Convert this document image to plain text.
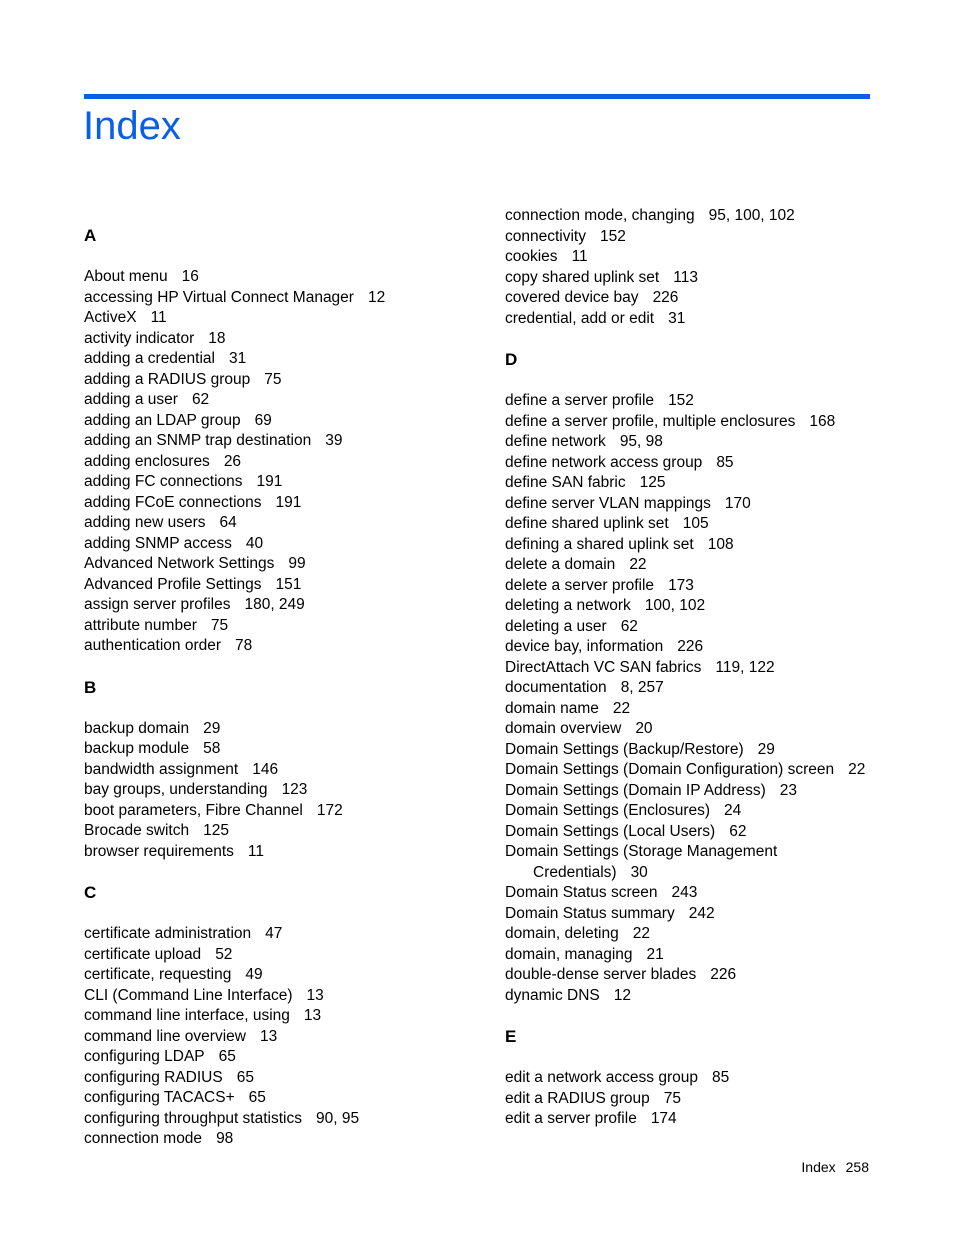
Index
A
About menu 16
accessing HP Virtual Connect Manager 12
ActiveX 11
activity indicator 18
adding a credential 31
adding a RADIUS group 75
adding a user 62
adding an LDAP group 69
adding an SNMP trap destination 39
adding enclosures 26
adding FC connections 191
adding FCoE connections 191
adding new users 64
adding SNMP access 40
Advanced Network Settings 99
Advanced Profile Settings 151
assign server profiles 180, 249
attribute number 75
authentication order 78
B
backup domain 29
backup module 58
bandwidth assignment 146
bay groups, understanding 123
boot parameters, Fibre Channel 172
Brocade switch 125
browser requirements 11
C
certificate administration 47
certificate upload 52
certificate, requesting 49
CLI (Command Line Interface) 13
command line interface, using 13
command line overview 13
configuring LDAP 65
configuring RADIUS 65
configuring TACACS+ 65
configuring throughput statistics 90, 95
connection mode 98
connection mode, changing 95, 100, 102
connectivity 152
cookies 11
copy shared uplink set 113
covered device bay 226
credential, add or edit 31
D
define a server profile 152
define a server profile, multiple enclosures 168
define network 95, 98
define network access group 85
define SAN fabric 125
define server VLAN mappings 170
define shared uplink set 105
defining a shared uplink set 108
delete a domain 22
delete a server profile 173
deleting a network 100, 102
deleting a user 62
device bay, information 226
DirectAttach VC SAN fabrics 119, 122
documentation 8, 257
domain name 22
domain overview 20
Domain Settings (Backup/Restore) 29
Domain Settings (Domain Configuration) screen 22
Domain Settings (Domain IP Address) 23
Domain Settings (Enclosures) 24
Domain Settings (Local Users) 62
Domain Settings (Storage Management
Credentials) 30
Domain Status screen 243
Domain Status summary 242
domain, deleting 22
domain, managing 21
double-dense server blades 226
dynamic DNS 12
E
edit a network access group 85
edit a RADIUS group 75
edit a server profile 174
Index 258
